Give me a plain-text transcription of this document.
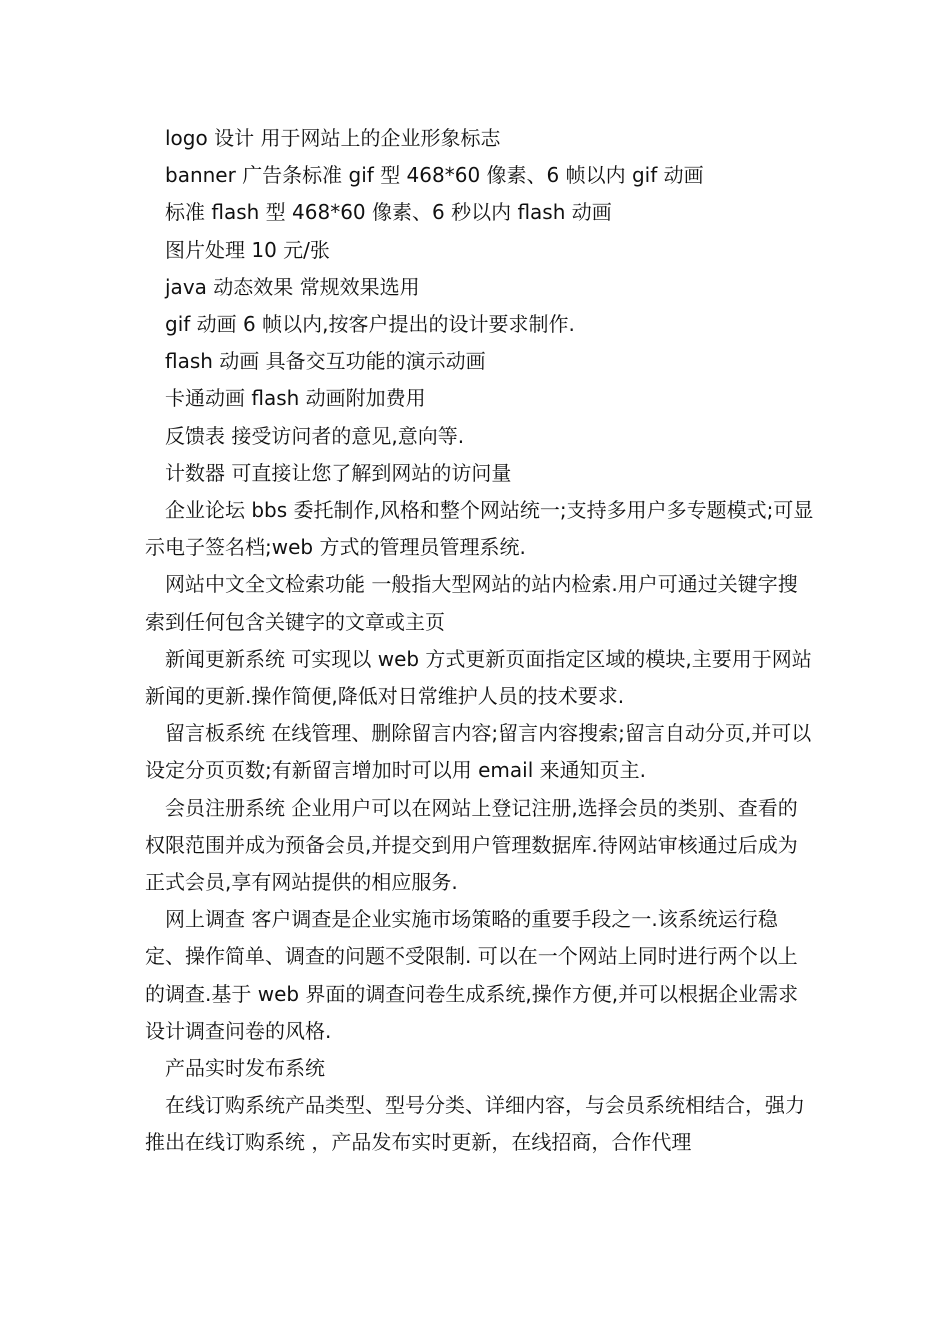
logo 设计 用于网站上的企业形象标志

banner 广告条标准 gif 型 468*60 像素、6 帧以内 gif 动画

标准 flash 型 468*60 像素、6 秒以内 flash 动画

图片处理 10 元/张

java 动态效果 常规效果选用

gif 动画 6 帧以内,按客户提出的设计要求制作.

flash 动画 具备交互功能的演示动画

卡通动画 flash 动画附加费用

反馈表 接受访问者的意见,意向等.

计数器 可直接让您了解到网站的访问量

企业论坛 bbs 委托制作,风格和整个网站统一;支持多用户多专题模式;可显示电子签名档;web 方式的管理员管理系统.

网站中文全文检索功能 一般指大型网站的站内检索.用户可通过关键字搜索到任何包含关键字的文章或主页

新闻更新系统 可实现以 web 方式更新页面指定区域的模块,主要用于网站新闻的更新.操作简便,降低对日常维护人员的技术要求.

留言板系统 在线管理、删除留言内容;留言内容搜索;留言自动分页,并可以设定分页页数;有新留言增加时可以用 email 来通知页主.

会员注册系统 企业用户可以在网站上登记注册,选择会员的类别、查看的权限范围并成为预备会员,并提交到用户管理数据库.待网站审核通过后成为正式会员,享有网站提供的相应服务.

网上调查 客户调查是企业实施市场策略的重要手段之一.该系统运行稳定、操作简单、调查的问题不受限制. 可以在一个网站上同时进行两个以上的调查.基于 web 界面的调查问卷生成系统,操作方便,并可以根据企业需求设计调查问卷的风格.

产品实时发布系统

在线订购系统产品类型、型号分类、详细内容，与会员系统相结合，强力推出在线订购系统 ，产品发布实时更新，在线招商，合作代理
